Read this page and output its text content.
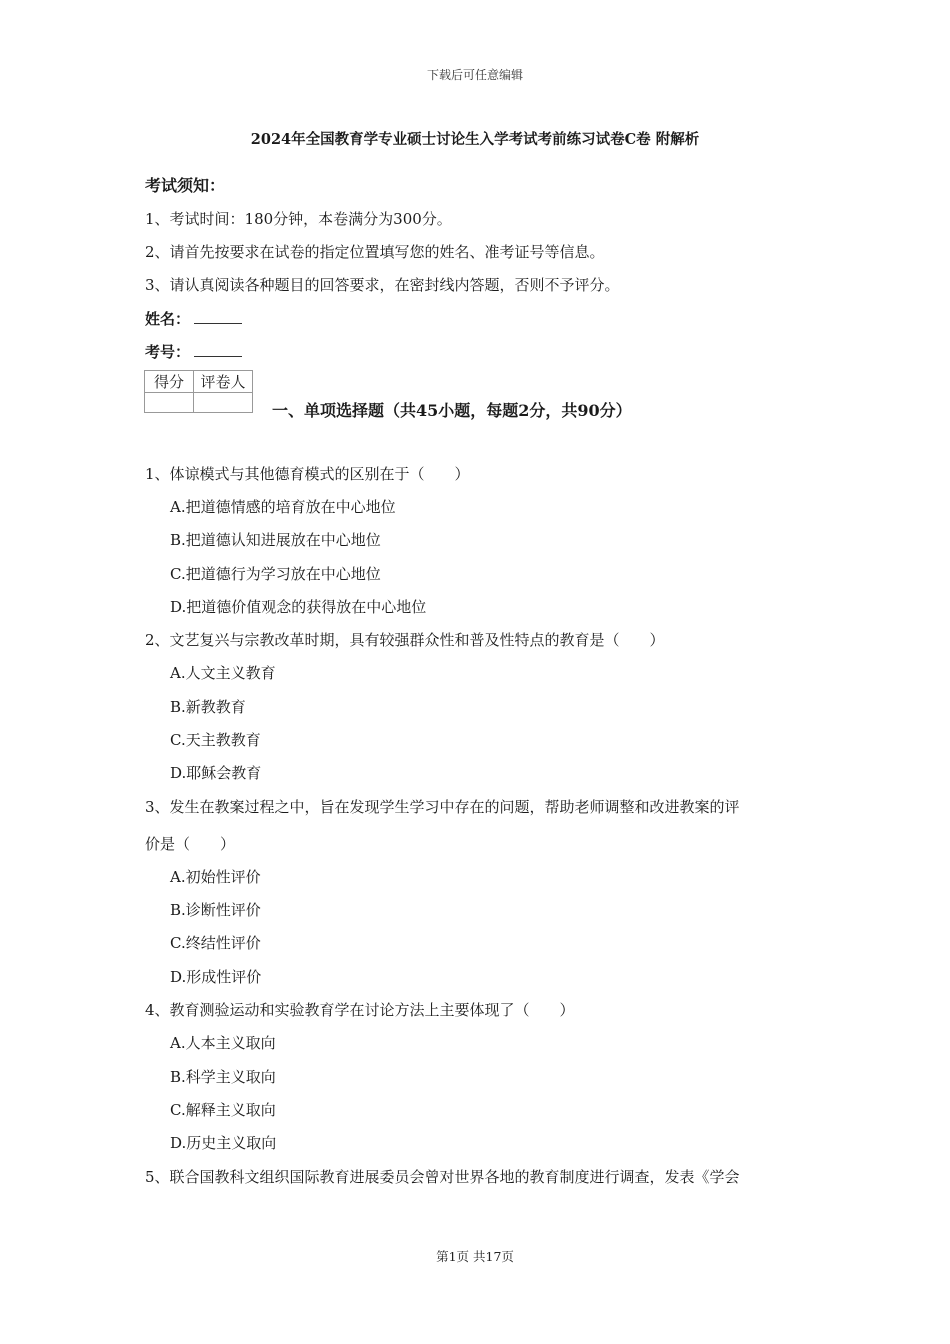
下载后可任意编辑
2024年全国教育学专业硕士讨论生入学考试考前练习试卷C卷 附解析
考试须知：
1、考试时间：180分钟，本卷满分为300分。
2、请首先按要求在试卷的指定位置填写您的姓名、准考证号等信息。
3、请认真阅读各种题目的回答要求，在密封线内答题，否则不予评分。
姓名：
考号：
得分	评卷人

一、单项选择题（共45小题，每题2分，共90分）
1、体谅模式与其他德育模式的区别在于（　　）
A.把道德情感的培育放在中心地位
B.把道德认知进展放在中心地位
C.把道德行为学习放在中心地位
D.把道德价值观念的获得放在中心地位
2、文艺复兴与宗教改革时期，具有较强群众性和普及性特点的教育是（　　）
A.人文主义教育
B.新教教育
C.天主教教育
D.耶稣会教育
3、发生在教案过程之中，旨在发现学生学习中存在的问题，帮助老师调整和改进教案的评
价是（　　）
A.初始性评价
B.诊断性评价
C.终结性评价
D.形成性评价
4、教育测验运动和实验教育学在讨论方法上主要体现了（　　）
A.人本主义取向
B.科学主义取向
C.解释主义取向
D.历史主义取向
5、联合国教科文组织国际教育进展委员会曾对世界各地的教育制度进行调查，发表《学会
第1页 共17页
